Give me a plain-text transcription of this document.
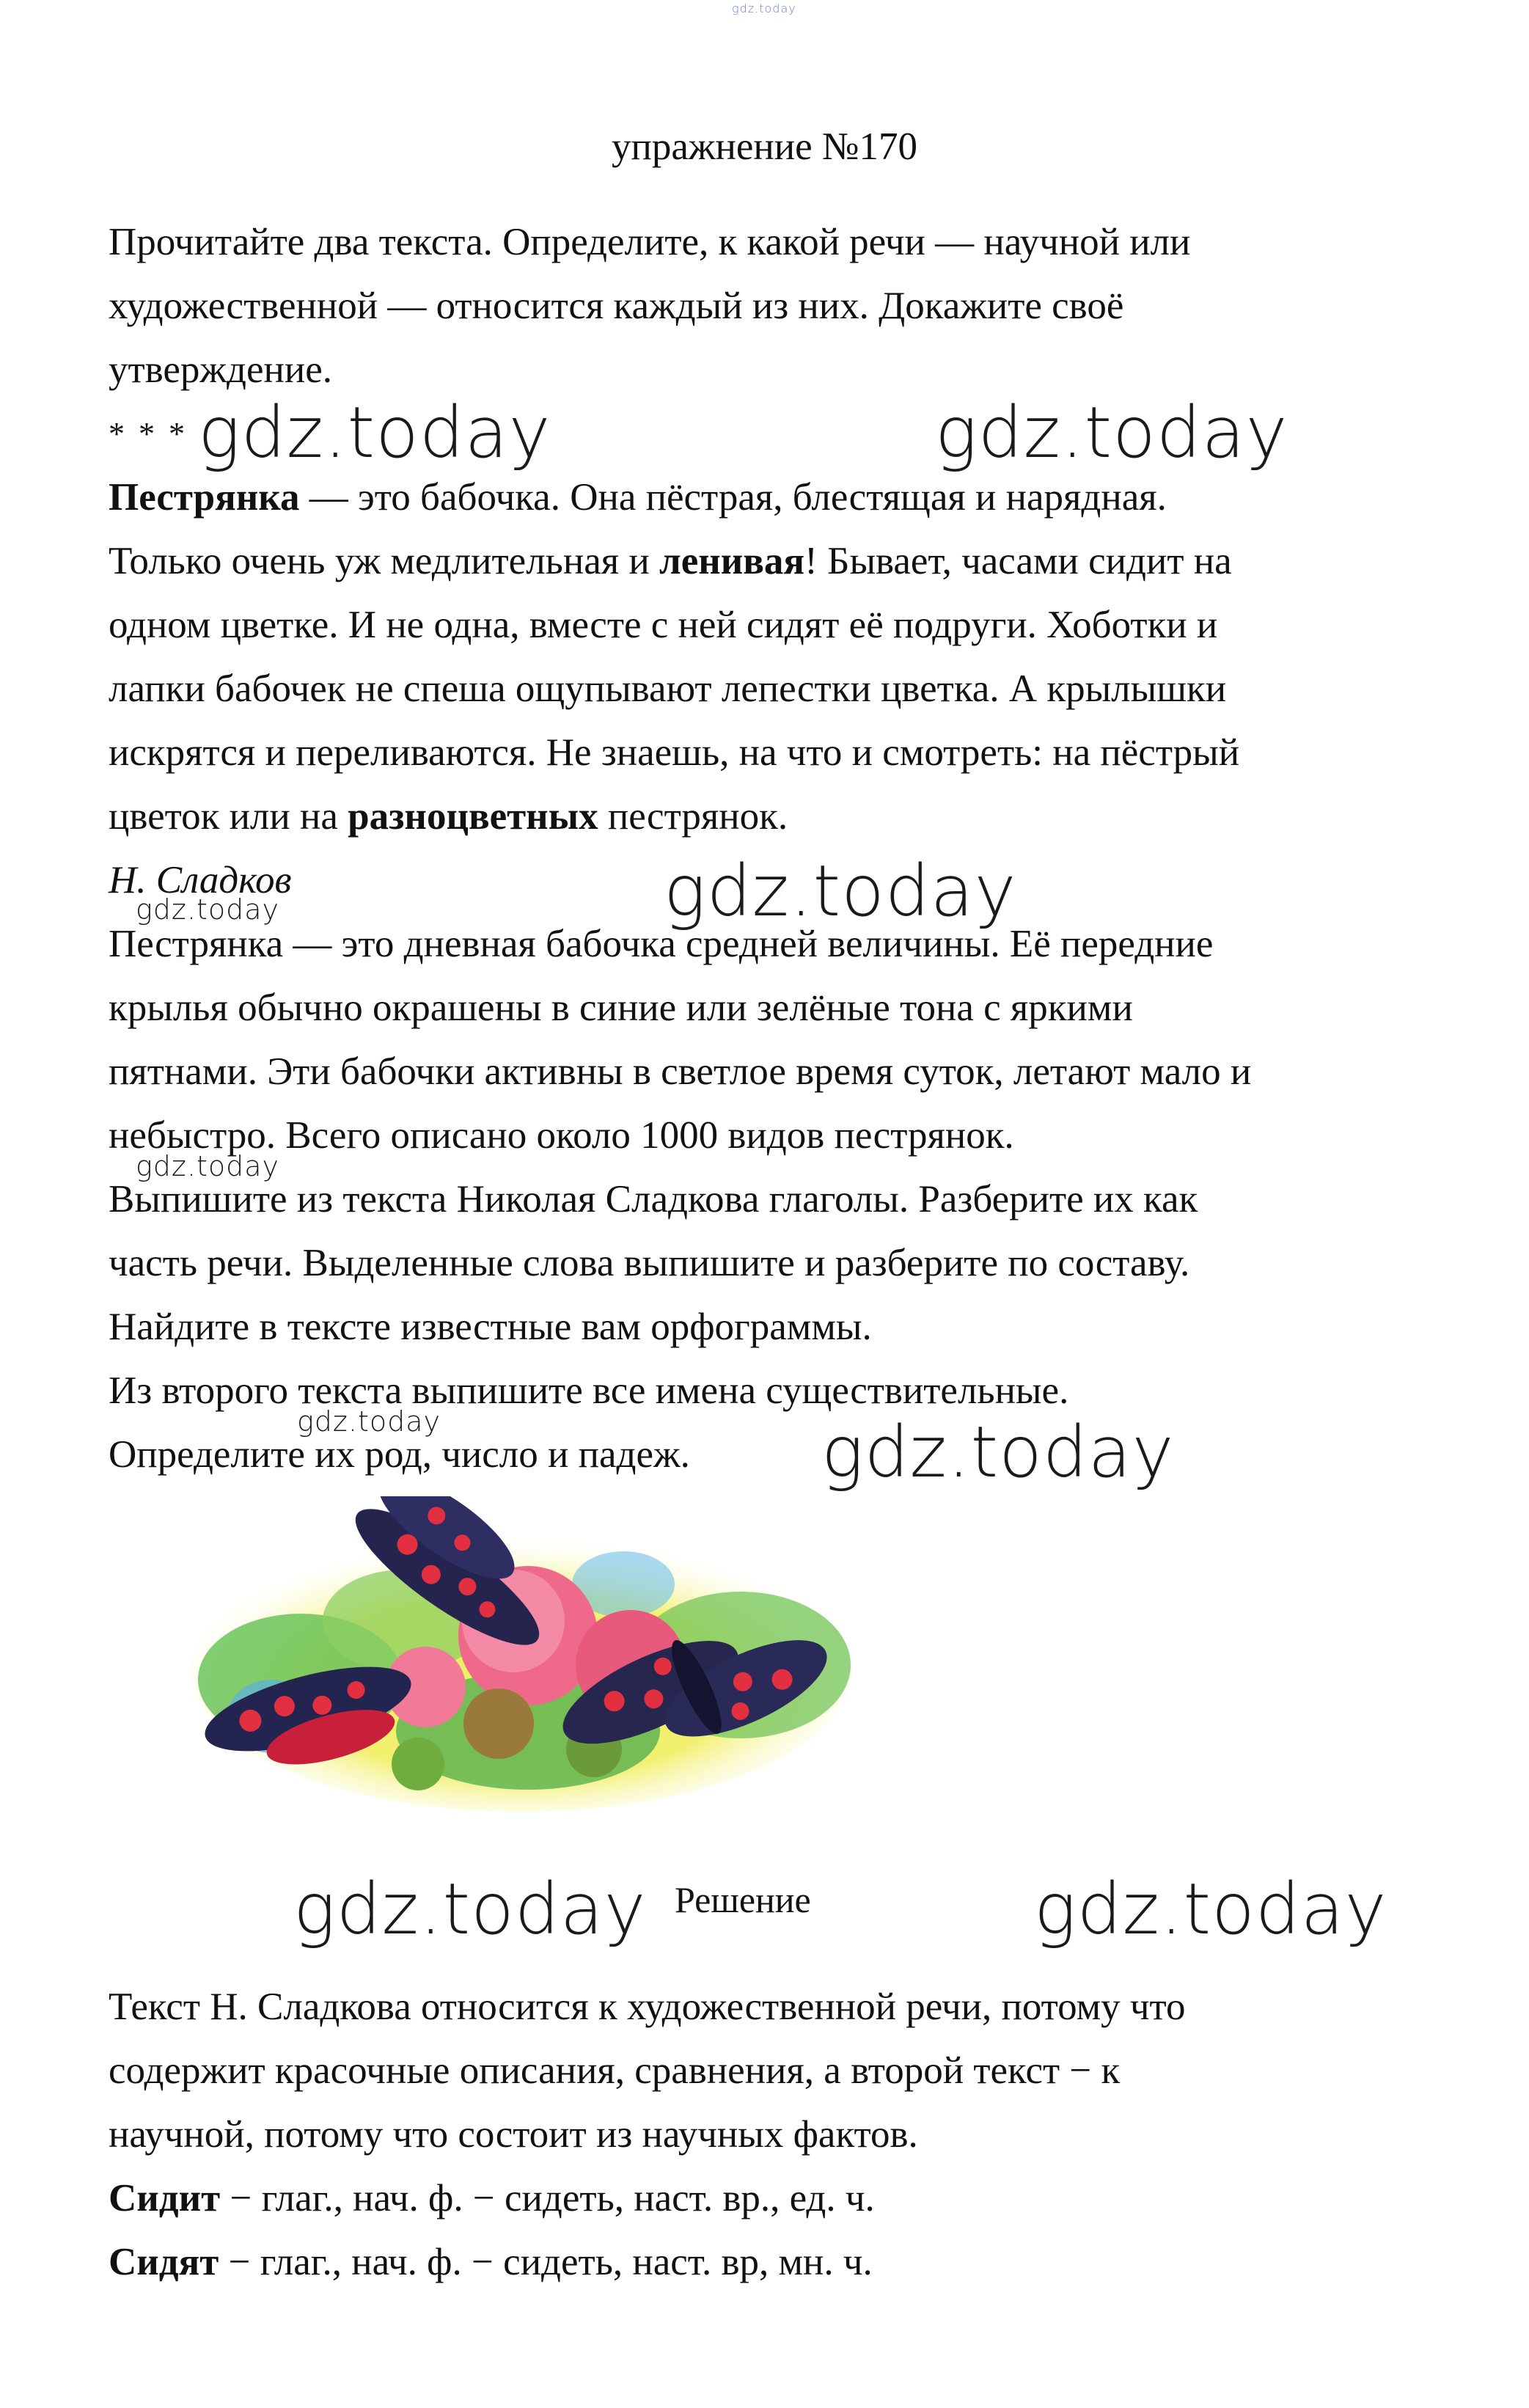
gdz.today
упражнение №170
Прочитайте два текста. Определите, к какой речи — научной или
художественной — относится каждый из них. Докажите своё
утверждение.
* * * gdz.today	gdz.today
Пестрянка — это бабочка. Она пёстрая, блестящая и нарядная.
Только очень уж медлительная и ленивая! Бывает, часами сидит на
одном цветке. И не одна, вместе с ней сидят её подруги. Хоботки и
лапки бабочек не спеша ощупывают лепестки цветка. А крылышки
искрятся и переливаются. Не знаешь, на что и смотреть: на пёстрый
цветок или на разноцветных пестрянок.
Н. Сладков
gdz.today	gdz.today
Пестрянка — это дневная бабочка средней величины. Её передние
крылья обычно окрашены в синие или зелёные тона с яркими
пятнами. Эти бабочки активны в светлое время суток, летают мало и
небыстро. Всего описано около 1000 видов пестрянок.
gdz.today
Выпишите из текста Николая Сладкова глаголы. Разберите их как
часть речи. Выделенные слова выпишите и разберите по составу.
Найдите в тексте известные вам орфограммы.
Из второго текста выпишите все имена существительные.
Определите их род, число и падеж.
gdz.today	gdz.today
gdz.today Решение	gdz.today
Текст Н. Сладкова относится к художественной речи, потому что
содержит красочные описания, сравнения, а второй текст − к
научной, потому что состоит из научных фактов.
Сидит − глаг., нач. ф. − сидеть, наст. вр., ед. ч.
Сидят − глаг., нач. ф. − сидеть, наст. вр, мн. ч.
